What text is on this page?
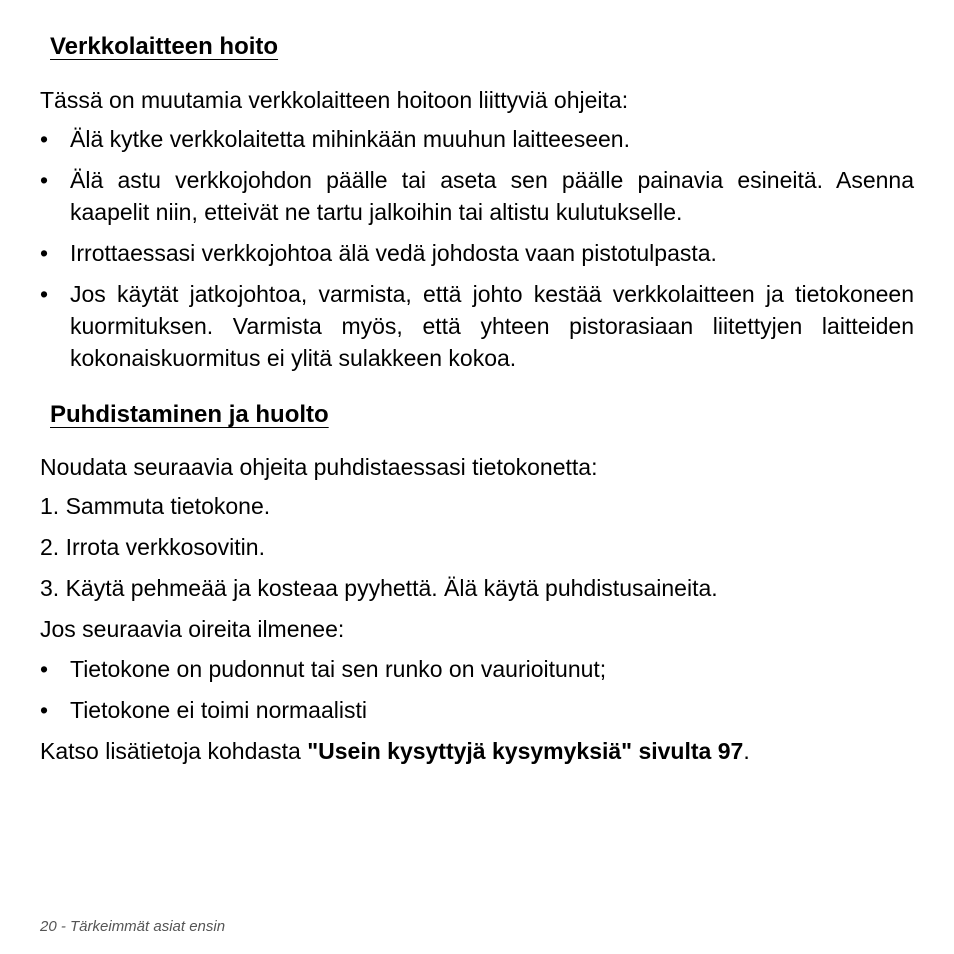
Verkkolaitteen hoito

Tässä on muutamia verkkolaitteen hoitoon liittyviä ohjeita:

• Älä kytke verkkolaitetta mihinkään muuhun laitteeseen.
• Älä astu verkkojohdon päälle tai aseta sen päälle painavia esineitä. Asenna kaapelit niin, etteivät ne tartu jalkoihin tai altistu kulutukselle.
• Irrottaessasi verkkojohtoa älä vedä johdosta vaan pistotulpasta.
• Jos käytät jatkojohtoa, varmista, että johto kestää verkkolaitteen ja tietokoneen kuormituksen. Varmista myös, että yhteen pistorasiaan liitettyjen laitteiden kokonaiskuormitus ei ylitä sulakkeen kokoa.
Puhdistaminen ja huolto

Noudata seuraavia ohjeita puhdistaessasi tietokonetta:

1. Sammuta tietokone.

2. Irrota verkkosovitin.

3. Käytä pehmeää ja kosteaa pyyhettä. Älä käytä puhdistusaineita.

Jos seuraavia oireita ilmenee:

• Tietokone on pudonnut tai sen runko on vaurioitunut;
• Tietokone ei toimi normaalisti

Katso lisätietoja kohdasta "Usein kysyttyjä kysymyksiä" sivulta 97.

20 - Tärkeimmät asiat ensin
